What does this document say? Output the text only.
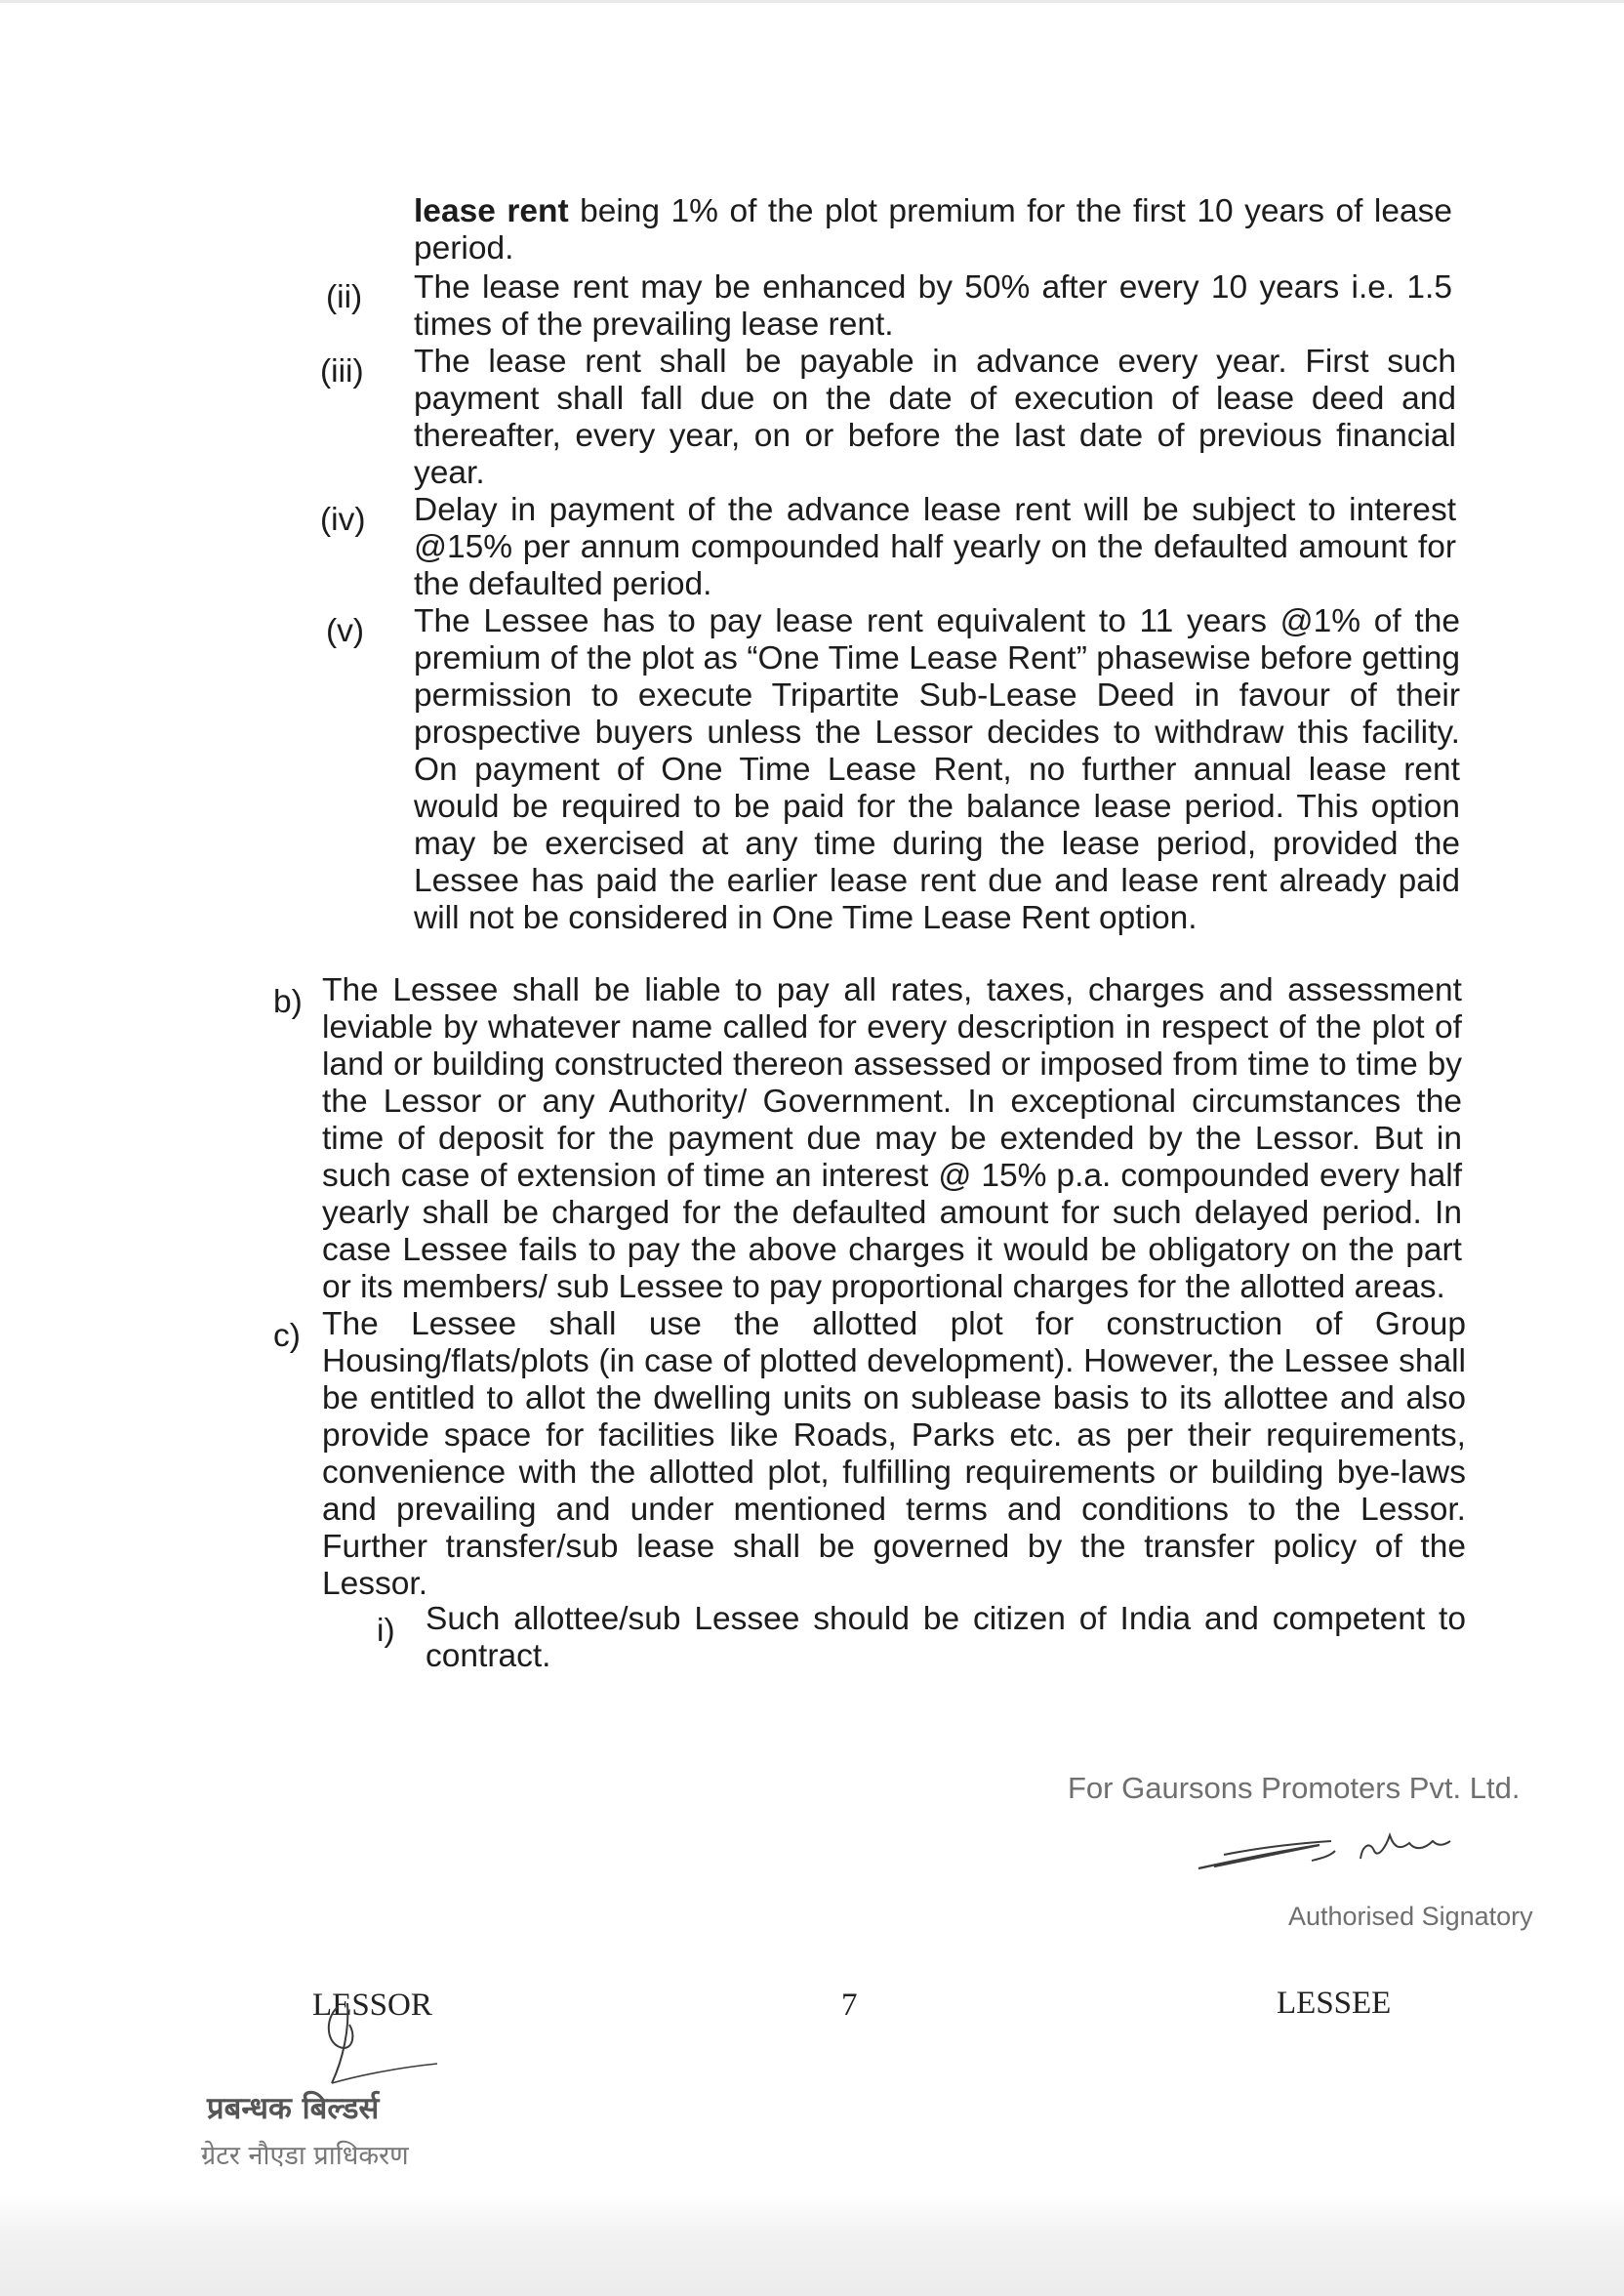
lease rent being 1% of the plot premium for the first 10 years of lease period.
(ii) The lease rent may be enhanced by 50% after every 10 years i.e. 1.5 times of the prevailing lease rent.
(iii) The lease rent shall be payable in advance every year. First such payment shall fall due on the date of execution of lease deed and thereafter, every year, on or before the last date of previous financial year.
(iv) Delay in payment of the advance lease rent will be subject to interest @15% per annum compounded half yearly on the defaulted amount for the defaulted period.
(v) The Lessee has to pay lease rent equivalent to 11 years @1% of the premium of the plot as “One Time Lease Rent” phasewise before getting permission to execute Tripartite Sub-Lease Deed in favour of their prospective buyers unless the Lessor decides to withdraw this facility. On payment of One Time Lease Rent, no further annual lease rent would be required to be paid for the balance lease period. This option may be exercised at any time during the lease period, provided the Lessee has paid the earlier lease rent due and lease rent already paid will not be considered in One Time Lease Rent option.
b) The Lessee shall be liable to pay all rates, taxes, charges and assessment leviable by whatever name called for every description in respect of the plot of land or building constructed thereon assessed or imposed from time to time by the Lessor or any Authority/ Government. In exceptional circumstances the time of deposit for the payment due may be extended by the Lessor. But in such case of extension of time an interest @ 15% p.a. compounded every half yearly shall be charged for the defaulted amount for such delayed period. In case Lessee fails to pay the above charges it would be obligatory on the part or its members/ sub Lessee to pay proportional charges for the allotted areas.
c) The Lessee shall use the allotted plot for construction of Group Housing/flats/plots (in case of plotted development). However, the Lessee shall be entitled to allot the dwelling units on sublease basis to its allottee and also provide space for facilities like Roads, Parks etc. as per their requirements, convenience with the allotted plot, fulfilling requirements or building bye-laws and prevailing and under mentioned terms and conditions to the Lessor. Further transfer/sub lease shall be governed by the transfer policy of the Lessor.
i) Such allottee/sub Lessee should be citizen of India and competent to contract.
For Gaursons Promoters Pvt. Ltd.
Authorised Signatory
LESSOR	7	LESSEE
प्रबन्धक बिल्डर्स
ग्रेटर नौएडा प्राधिकरण
